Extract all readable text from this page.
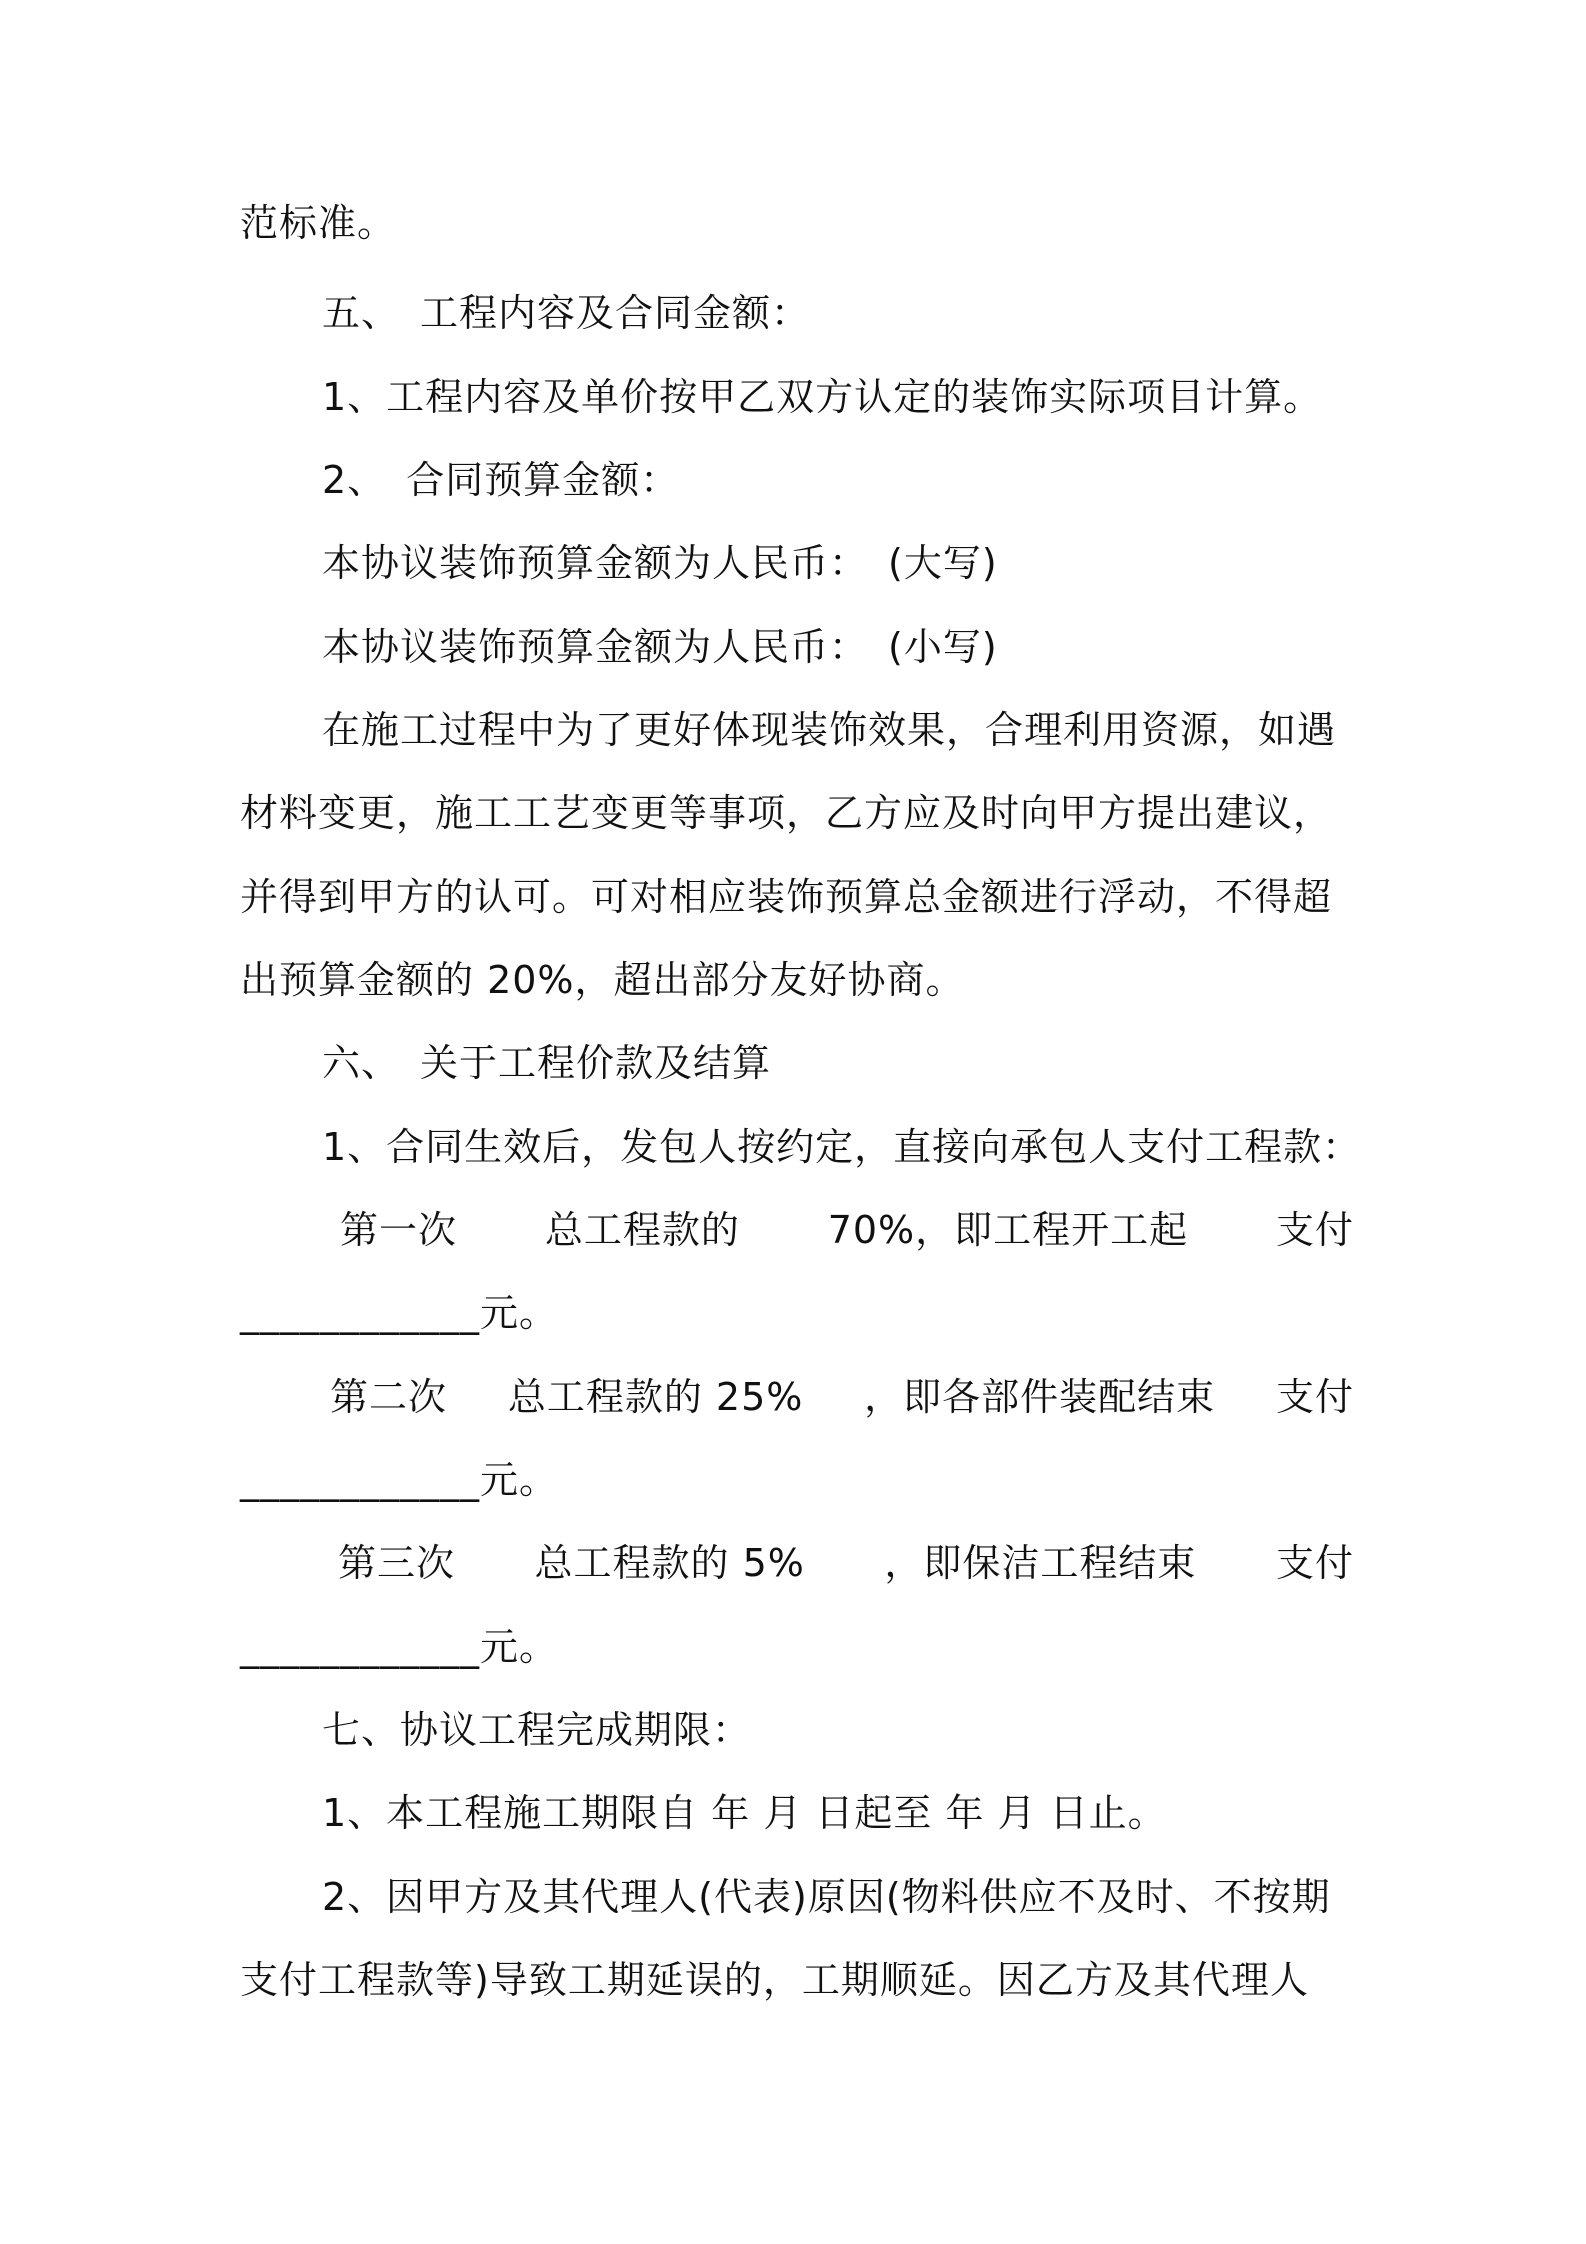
范标准。
五、 工程内容及合同金额：
1、工程内容及单价按甲乙双方认定的装饰实际项目计算。
2、 合同预算金额：
本协议装饰预算金额为人民币： (大写)
本协议装饰预算金额为人民币： (小写)
在施工过程中为了更好体现装饰效果，合理利用资源，如遇
材料变更，施工工艺变更等事项，乙方应及时向甲方提出建议，
并得到甲方的认可。可对相应装饰预算总金额进行浮动，不得超
出预算金额的 20%，超出部分友好协商。
六、 关于工程价款及结算
1、合同生效后，发包人按约定，直接向承包人支付工程款：
第一次 总工程款的 70%，即工程开工起 支付
____________元。
第二次 总工程款的 25% ，即各部件装配结束 支付
____________元。
第三次 总工程款的 5% ，即保洁工程结束 支付
____________元。
七、协议工程完成期限：
1、本工程施工期限自 年 月 日起至 年 月 日止。
2、因甲方及其代理人(代表)原因(物料供应不及时、不按期
支付工程款等)导致工期延误的，工期顺延。因乙方及其代理人
